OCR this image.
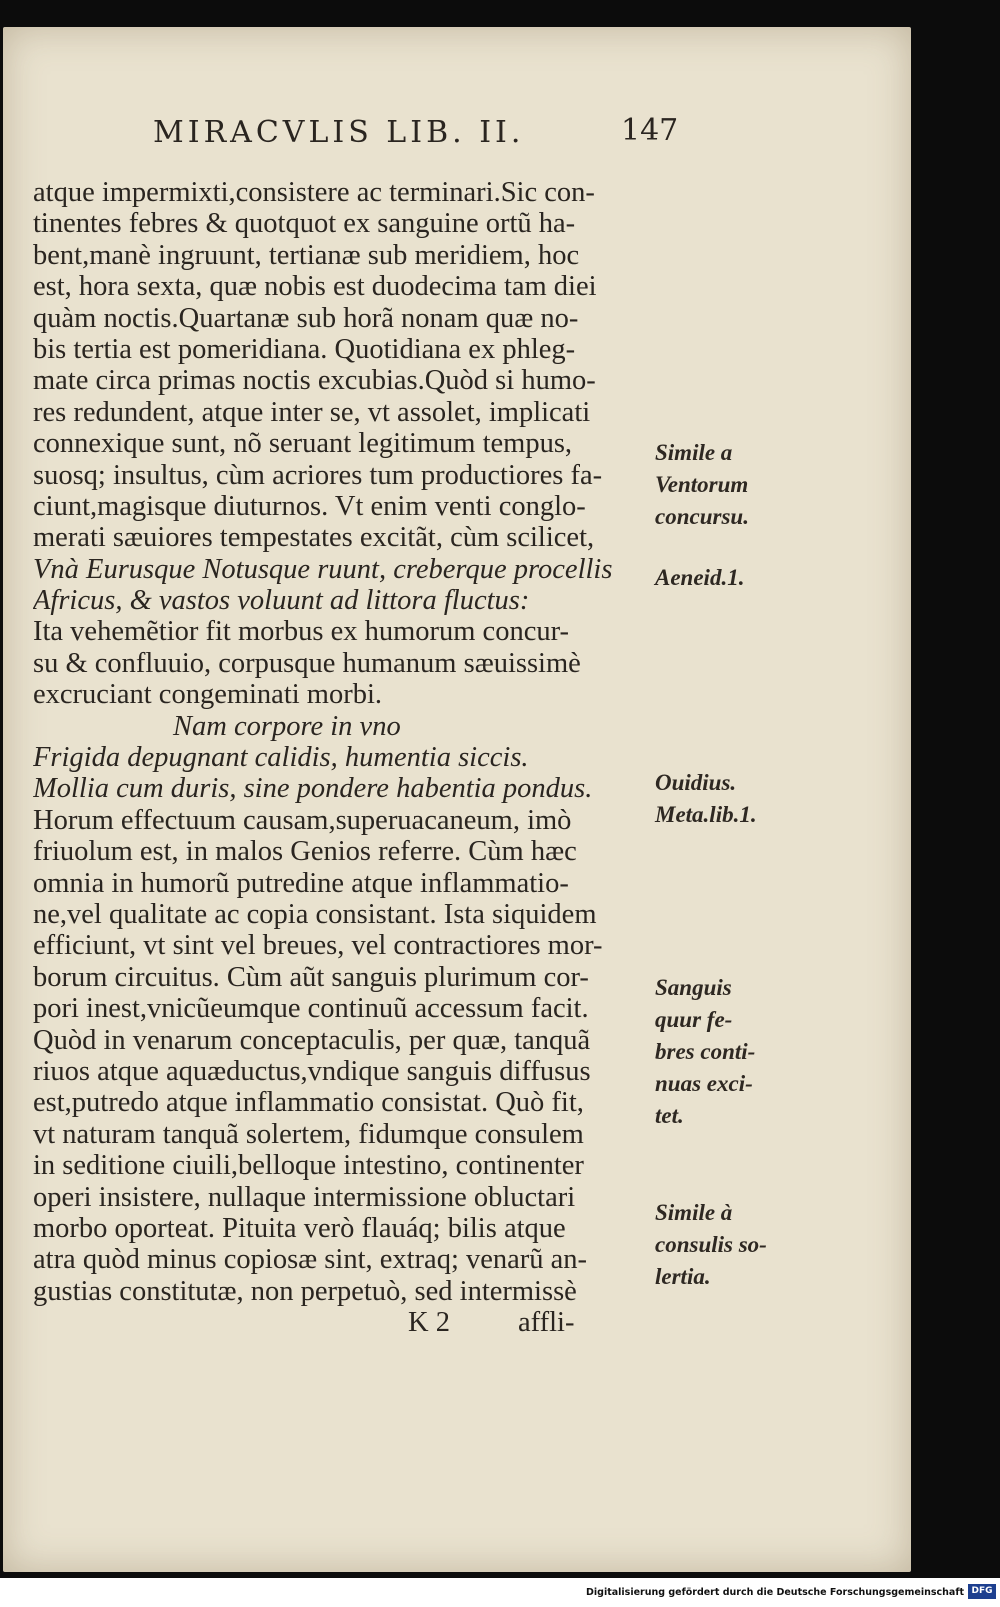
MIRACVLIS LIB. II.	147
atque impermixti,consistere ac terminari.Sic con-
tinentes febres & quotquot ex sanguine ortũ ha-
bent,manè ingruunt, tertianæ sub meridiem, hoc
est, hora sexta, quæ nobis est duodecima tam diei
quàm noctis.Quartanæ sub horã nonam quæ no-
bis tertia est pomeridiana. Quotidiana ex phleg-
mate circa primas noctis excubias.Quòd si humo-
res redundent, atque inter se, vt assolet, implicati
connexique sunt, nõ seruant legitimum tempus,
suosq; insultus, cùm acriores tum productiores fa-
ciunt,magisque diuturnos. Vt enim venti conglo-
merati sæuiores tempestates excitãt, cùm scilicet,
Vnà Eurusque Notusque ruunt, creberque procellis
Africus, & vastos voluunt ad littora fluctus:
Ita vehemẽtior fit morbus ex humorum concur-
su & confluuio, corpusque humanum sæuissimè
excruciant congeminati morbi.
Nam corpore in vno
Frigida depugnant calidis, humentia siccis.
Mollia cum duris, sine pondere habentia pondus.
Horum effectuum causam,superuacaneum, imò
friuolum est, in malos Genios referre. Cùm hæc
omnia in humorũ putredine atque inflammatio-
ne,vel qualitate ac copia consistant. Ista siquidem
efficiunt, vt sint vel breues, vel contractiores mor-
borum circuitus. Cùm aũt sanguis plurimum cor-
pori inest,vnicũeumque continuũ accessum facit.
Quòd in venarum conceptaculis, per quæ, tanquã
riuos atque aquæductus,vndique sanguis diffusus
est,putredo atque inflammatio consistat. Quò fit,
vt naturam tanquã solertem, fidumque consulem
in seditione ciuili,belloque intestino, continenter
operi insistere, nullaque intermissione obluctari
morbo oporteat. Pituita verò flauáq; bilis atque
atra quòd minus copiosæ sint, extraq; venarũ an-
gustias constitutæ, non perpetuò, sed intermissè
K 2 affli-
Simile a
Ventorum
concursu.
Aeneid.1.
Ouidius.
Meta.lib.1.
Sanguis
quur fe-
bres conti-
nuas exci-
tet.
Simile à
consulis so-
lertia.
Digitalisierung gefördert durch die Deutsche Forschungsgemeinschaft DFG
